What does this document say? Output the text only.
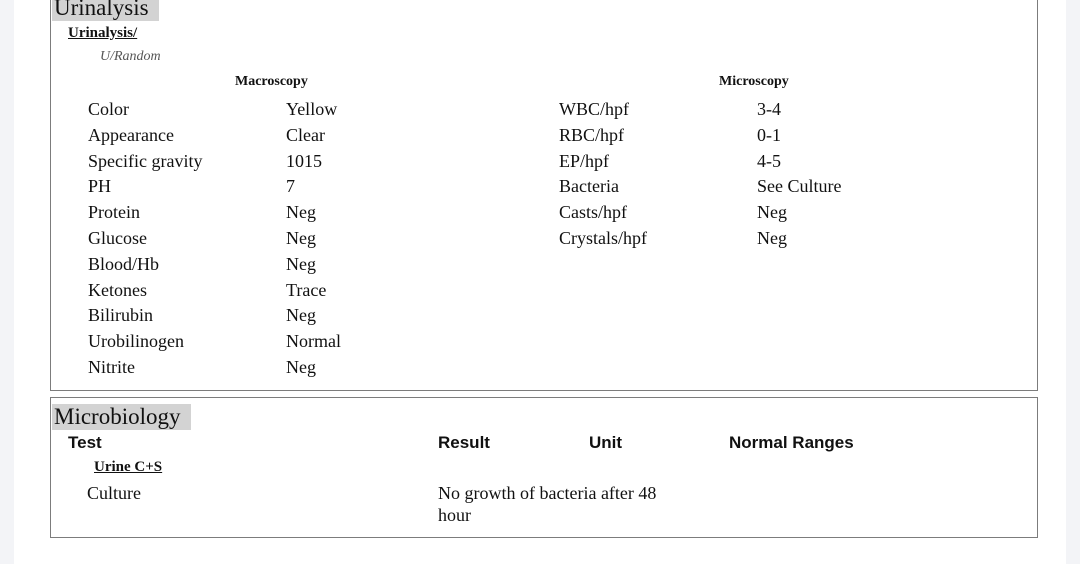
Urinalysis
Urinalysis/
U/Random
Macroscopy	Microscopy
Color	Yellow
Appearance	Clear
Specific gravity	1015
PH	7
Protein	Neg
Glucose	Neg
Blood/Hb	Neg
Ketones	Trace
Bilirubin	Neg
Urobilinogen	Normal
Nitrite	Neg
WBC/hpf	3-4
RBC/hpf	0-1
EP/hpf	4-5
Bacteria	See Culture
Casts/hpf	Neg
Crystals/hpf	Neg
Microbiology
Test	Result	Unit	Normal Ranges
Urine C+S
Culture	No growth of bacteria after 48 hour
